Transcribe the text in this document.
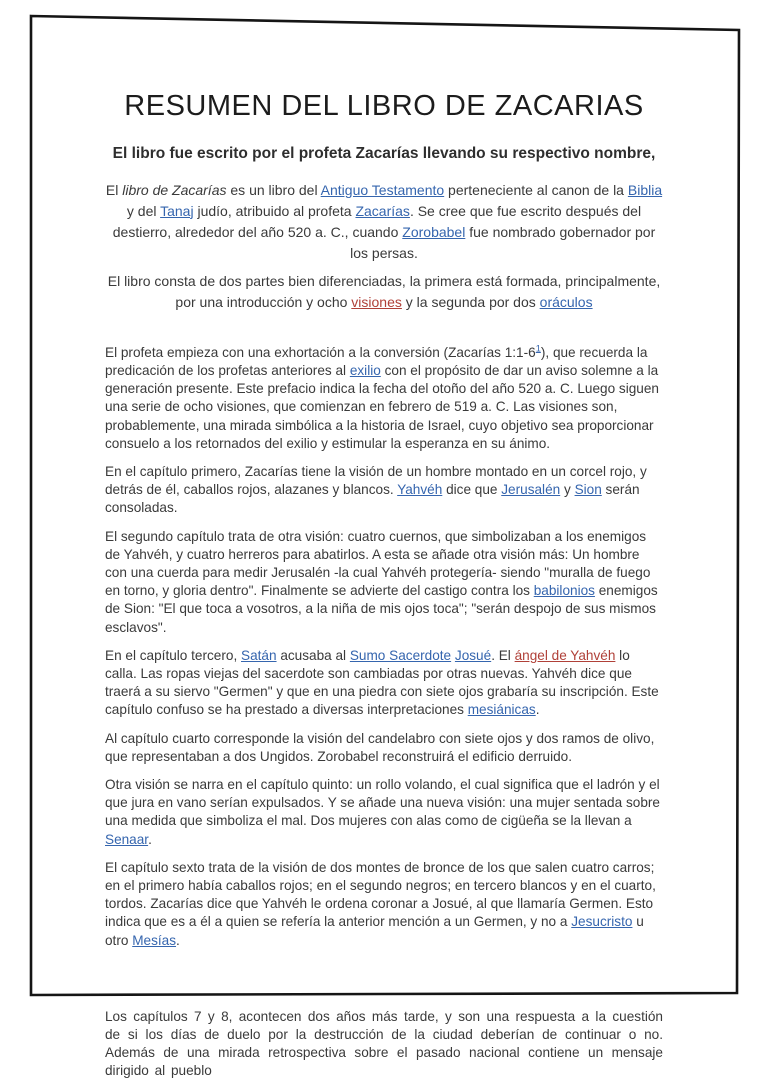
RESUMEN DEL LIBRO DE ZACARIAS
El libro fue escrito por el profeta Zacarías llevando su respectivo nombre,

El libro de Zacarías es un libro del Antiguo Testamento perteneciente al canon de la Biblia y del Tanaj judío, atribuido al profeta Zacarías. Se cree que fue escrito después del destierro, alrededor del año 520 a. C., cuando Zorobabel fue nombrado gobernador por los persas.

El libro consta de dos partes bien diferenciadas, la primera está formada, principalmente, por una introducción y ocho visiones y la segunda por dos oráculos

El profeta empieza con una exhortación a la conversión (Zacarías $1:1-6^1$), que recuerda la predicación de los profetas anteriores al exilio con el propósito de dar un aviso solemne a la generación presente. Este prefacio indica la fecha del otoño del año 520 a. C. Luego siguen una serie de ocho visiones, que comienzan en febrero de 519 a. C. Las visiones son, probablemente, una mirada simbólica a la historia de Israel, cuyo objetivo sea proporcionar consuelo a los retornados del exilio y estimular la esperanza en su ánimo.

En el capítulo primero, Zacarías tiene la visión de un hombre montado en un corcel rojo, y detrás de él, caballos rojos, alazanes y blancos. Yahvéh dice que Jerusalén y Sion serán consoladas.

El segundo capítulo trata de otra visión: cuatro cuernos, que simbolizaban a los enemigos de Yahvéh, y cuatro herreros para abatirlos. A esta se añade otra visión más: Un hombre con una cuerda para medir Jerusalén -la cual Yahvéh protegería- siendo "muralla de fuego en torno, y gloria dentro". Finalmente se advierte del castigo contra los babilonios enemigos de Sion: "El que toca a vosotros, a la niña de mis ojos toca"; "serán despojo de sus mismos esclavos".

En el capítulo tercero, Satán acusaba al Sumo Sacerdote Josué. El ángel de Yahvéh lo calla. Las ropas viejas del sacerdote son cambiadas por otras nuevas. Yahvéh dice que traerá a su siervo "Germen" y que en una piedra con siete ojos grabaría su inscripción. Este capítulo confuso se ha prestado a diversas interpretaciones mesiánicas.

Al capítulo cuarto corresponde la visión del candelabro con siete ojos y dos ramos de olivo, que representaban a dos Ungidos. Zorobabel reconstruirá el edificio derruido.

Otra visión se narra en el capítulo quinto: un rollo volando, el cual significa que el ladrón y el que jura en vano serían expulsados. Y se añade una nueva visión: una mujer sentada sobre una medida que simboliza el mal. Dos mujeres con alas como de cigüeña se la llevan a Senaar.

El capítulo sexto trata de la visión de dos montes de bronce de los que salen cuatro carros; en el primero había caballos rojos; en el segundo negros; en tercero blancos y en el cuarto, tordos. Zacarías dice que Yahvéh le ordena coronar a Josué, al que llamaría Germen. Esto indica que es a él a quien se refería la anterior mención a un Germen, y no a Jesucristo u otro Mesías.

Los capítulos 7 y 8, acontecen dos años más tarde, y son una respuesta a la cuestión de si los días de duelo por la destrucción de la ciudad deberían de continuar o no. Además de una mirada retrospectiva sobre el pasado nacional contiene un mensaje dirigido al pueblo
